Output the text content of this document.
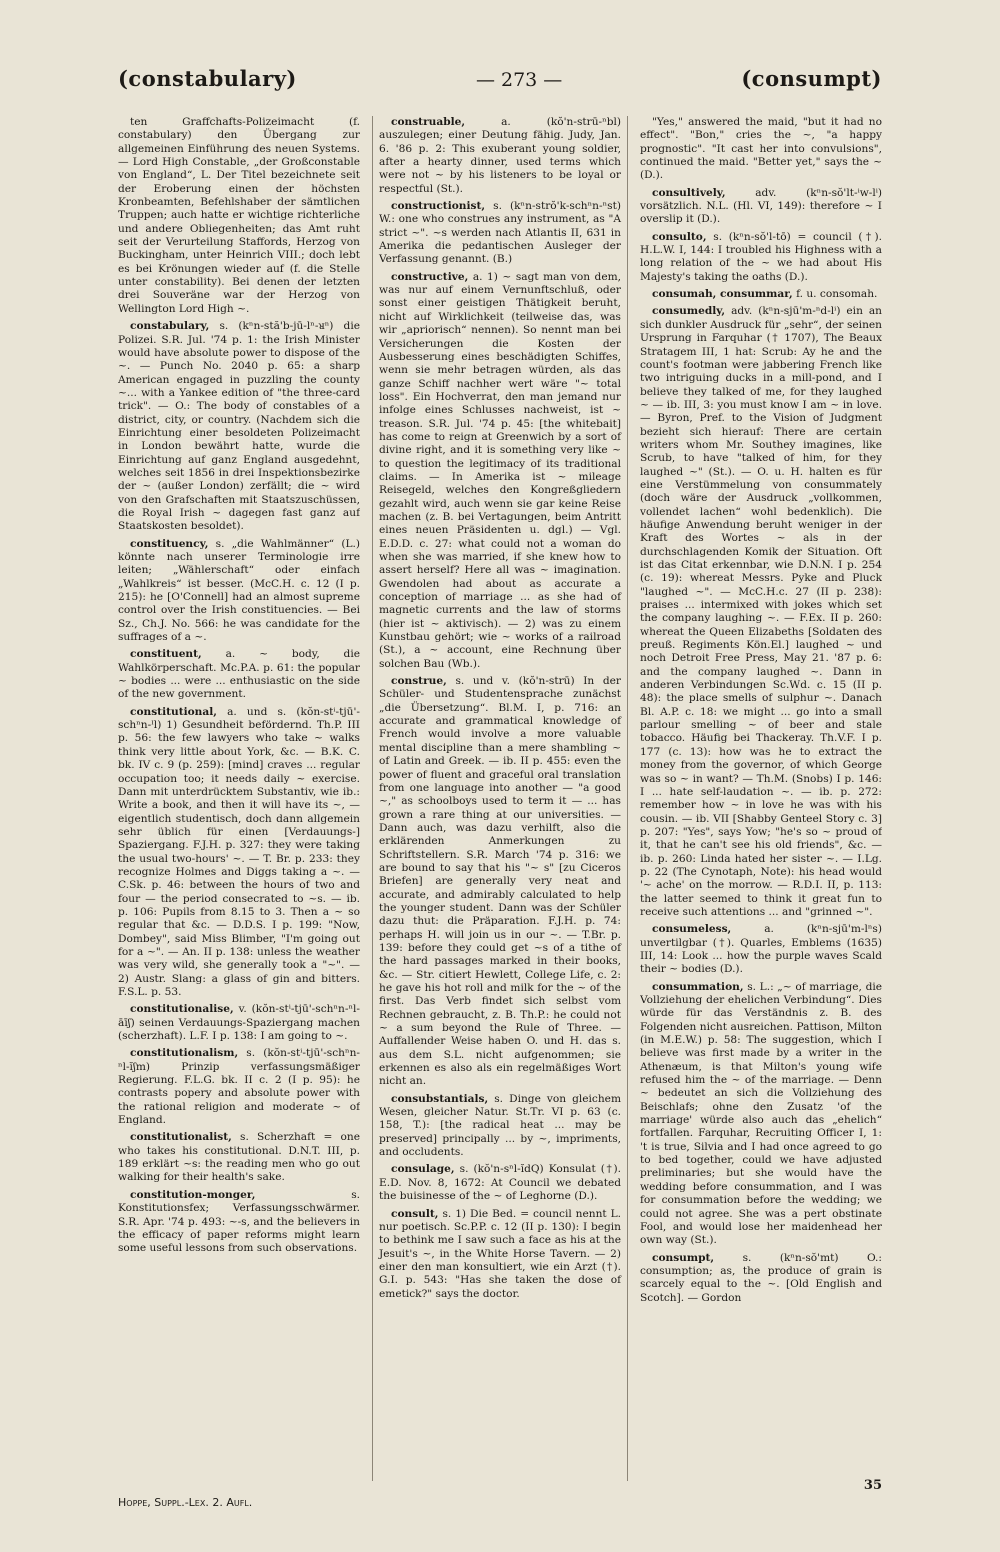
(constabulary)	— 273 —	(consumpt)

ten Graffchafts-Polizeimacht (f. constabulary) den Übergang zur allgemeinen Einführung des neuen Systems. — Lord High Constable, „der Großconstable von England“, L. Der Titel bezeichnete seit der Eroberung einen der höchsten Kronbeamten, Befehlshaber der sämtlichen Truppen; auch hatte er wichtige richterliche und andere Obliegenheiten; das Amt ruht seit der Verurteilung Staffords, Herzog von Buckingham, unter Heinrich VIII.; doch lebt es bei Krönungen wieder auf (f. die Stelle unter constability). Bei denen der letzten drei Souveräne war der Herzog von Wellington Lord High ~.

constabulary, s. (kⁿn-stă'b-jū-lⁿ-ᴚⁿ) die Polizei. S.R. Jul. '74 p. 1: the Irish Minister would have absolute power to dispose of the ~. — Punch No. 2040 p. 65: a sharp American engaged in puzzling the county ~... with a Yankee edition of "the three-card trick". — O.: The body of constables of a district, city, or country. (Nachdem sich die Einrichtung einer besoldeten Polizeimacht in London bewährt hatte, wurde die Einrichtung auf ganz England ausgedehnt, welches seit 1856 in drei Inspektionsbezirke der ~ (außer London) zerfällt; die ~ wird von den Grafschaften mit Staatszuschüssen, die Royal Irish ~ dagegen fast ganz auf Staatskosten besoldet).

constituency, s. „die Wahlmänner“ (L.) könnte nach unserer Terminologie irre leiten; „Wählerschaft“ oder einfach „Wahlkreis“ ist besser. (McC.H. c. 12 (I p. 215): he [O'Connell] had an almost supreme control over the Irish constituencies. — Bei Sz., Ch.J. No. 566: he was candidate for the suffrages of a ~.

constituent, a. ~ body, die Wahlkörperschaft. Mc.P.A. p. 61: the popular ~ bodies ... were ... enthusiastic on the side of the new government.

constitutional, a. und s. (kŏn-stⁱ-tjū'-schⁿn-ᴵl) 1) Gesundheit befördernd. Th.P. III p. 56: the few lawyers who take ~ walks think very little about York, &c. — B.K. C. bk. IV c. 9 (p. 259): [mind] craves ... regular occupation too; it needs daily ~ exercise. Dann mit unterdrücktem Substantiv, wie ib.: Write a book, and then it will have its ~, — eigentlich studentisch, doch dann allgemein sehr üblich für einen [Verdauungs-] Spaziergang. F.J.H. p. 327: they were taking the usual two-hours' ~. — T. Br. p. 233: they recognize Holmes and Diggs taking a ~. — C.Sk. p. 46: between the hours of two and four — the period consecrated to ~s. — ib. p. 106: Pupils from 8.15 to 3. Then a ~ so regular that &c. — D.D.S. I p. 199: "Now, Dombey", said Miss Blimber, "I'm going out for a ~". — An. II p. 138: unless the weather was very wild, she generally took a "~". — 2) Austr. Slang: a glass of gin and bitters. F.S.L. p. 53.

constitutionalise, v. (kŏn-stⁱ-tjū'-schⁿn-ⁿl-āīʃ) seinen Verdauungs-Spaziergang machen (scherzhaft). L.F. I p. 138: I am going to ~.

constitutionalism, s. (kŏn-stⁱ-tjū'-schⁿn-ⁿl-ĭʃm) Prinzip verfassungsmäßiger Regierung. F.L.G. bk. II c. 2 (I p. 95): he contrasts popery and absolute power with the rational religion and moderate ~ of England.

constitutionalist, s. Scherzhaft = one who takes his constitutional. D.N.T. III, p. 189 erklärt ~s: the reading men who go out walking for their health's sake.

constitution-monger,	s. Konstitutionsfex; Verfassungsschwärmer. S.R. Apr. '74 p. 493: ~-s, and the believers in the efficacy of paper reforms might learn some useful lessons from such observations.

construable,	a. (kŏ'n-strū-ⁿbl) auszulegen; einer Deutung fähig. Judy, Jan. 6. '86 p. 2: This exuberant young soldier, after a hearty dinner, used terms which were not ~ by his listeners to be loyal or respectful (St.).

constructionist, s. (kⁿn-strŏ'k-schⁿn-ⁿst) W.: one who construes any instrument, as "A strict ~". ~s werden nach Atlantis II, 631 in Amerika die pedantischen Ausleger der Verfassung genannt. (B.)

constructive, a. 1) ~ sagt man von dem, was nur auf einem Vernunftschluß, oder sonst einer geistigen Thätigkeit beruht, nicht auf Wirklichkeit (teilweise das, was wir „apriorisch“ nennen). So nennt man bei Versicherungen die Kosten der Ausbesserung eines beschädigten Schiffes, wenn sie mehr betragen würden, als das ganze Schiff nachher wert wäre "~ total loss". Ein Hochverrat, den man jemand nur infolge eines Schlusses nachweist, ist ~ treason. S.R. Jul. '74 p. 45: [the whitebait] has come to reign at Greenwich by a sort of divine right, and it is something very like ~ to question the legitimacy of its traditional claims. — In Amerika ist ~ mileage Reisegeld, welches den Kongreßgliedern gezahlt wird, auch wenn sie gar keine Reise machen (z. B. bei Vertagungen, beim Antritt eines neuen Präsidenten u. dgl.) — Vgl. E.D.D. c. 27: what could not a woman do when she was married, if she knew how to assert herself? Here all was ~ imagination. Gwendolen had about as accurate a conception of marriage ... as she had of magnetic currents and the law of storms (hier ist ~ aktivisch). — 2) was zu einem Kunstbau gehört; wie ~ works of a railroad (St.), a ~ account, eine Rechnung über solchen Bau (Wb.).

construe, s. und v. (kŏ'n-strū) In der Schüler- und Studentensprache zunächst „die Übersetzung“. Bl.M. I, p. 716: an accurate and grammatical knowledge of French would involve a more valuable mental discipline than a mere shambling ~ of Latin and Greek. — ib. II p. 455: even the power of fluent and graceful oral translation from one language into another — "a good ~," as schoolboys used to term it — ... has grown a rare thing at our universities. — Dann auch, was dazu verhilft, also die erklärenden Anmerkungen zu Schriftstellern. S.R. March '74 p. 316: we are bound to say that his "~ s" [zu Ciceros Briefen] are generally very neat and accurate, and admirably calculated to help the younger student. Dann was der Schüler dazu thut: die Präparation. F.J.H. p. 74: perhaps H. will join us in our ~. — T.Br. p. 139: before they could get ~s of a tithe of the hard passages marked in their books, &c. — Str. citiert Hewlett, College Life, c. 2: he gave his hot roll and milk for the ~ of the first. Das Verb findet sich selbst vom Rechnen gebraucht, z. B. Th.P.: he could not ~ a sum beyond the Rule of Three. — Auffallender Weise haben O. und H. das s. aus dem S.L. nicht aufgenommen; sie erkennen es also als ein regelmäßiges Wort nicht an.

consubstantials, s. Dinge von gleichem Wesen, gleicher Natur. St.Tr. VI p. 63 (c. 158, T.): [the radical heat ... may be preserved] principally ... by ~, impriments, and occludents.

consulage, s. (kŏ'n-sⁿl-ĭdQ) Konsulat (†). E.D. Nov. 8, 1672: At Council we debated the buisinesse of the ~ of Leghorne (D.).

consult, s. 1) Die Bed. = council nennt L. nur poetisch. Sc.P.P. c. 12 (II p. 130): I begin to bethink me I saw such a face as his at the Jesuit's ~, in the White Horse Tavern. — 2) einer den man konsultiert, wie ein Arzt (†). G.I. p. 543: "Has she taken the dose of emetick?" says the doctor.

"Yes," answered the maid, "but it had no effect". "Bon," cries the ~, "a happy prognostic". "It cast her into convulsions", continued the maid. "Better yet," says the ~ (D.).

consultively,	adv. (kⁿn-sŏ'lt-ⁱw-lⁱ) vorsätzlich. N.L. (Hl. VI, 149): therefore ~ I overslip it (D.).

consulto, s. (kⁿn-sŏ'l-tō) = council (†). H.L.W. I, 144: I troubled his Highness with a long relation of the ~ we had about His Majesty's taking the oaths (D.).

consumah, consummar, f. u. consomah.

consumedly, adv. (kⁿn-sjū'm-ⁿd-lⁱ) ein an sich dunkler Ausdruck für „sehr“, der seinen Ursprung in Farquhar († 1707), The Beaux Stratagem III, 1 hat: Scrub: Ay he and the count's footman were jabbering French like two intriguing ducks in a mill-pond, and I believe they talked of me, for they laughed ~ — ib. III, 3: you must know I am ~ in love. — Byron, Pref. to the Vision of Judgment bezieht sich hierauf: There are certain writers whom Mr. Southey imagines, like Scrub, to have "talked of him, for they laughed ~" (St.). — O. u. H. halten es für eine Verstümmelung von consummately (doch wäre der Ausdruck „vollkommen, vollendet lachen“ wohl bedenklich). Die häufige Anwendung beruht weniger in der Kraft des Wortes ~ als in der durchschlagenden Komik der Situation. Oft ist das Citat erkennbar, wie D.N.N. I p. 254 (c. 19): whereat Messrs. Pyke and Pluck "laughed ~". — McC.H.c. 27 (II p. 238): praises ... intermixed with jokes which set the company laughing ~. — F.Ex. II p. 260: whereat the Queen Elizabeths [Soldaten des preuß. Regiments Kön.El.] laughed ~ und noch Detroit Free Press, May 21. '87 p. 6: and the company laughed ~. Dann in anderen Verbindungen Sc.Wd. c. 15 (II p. 48): the place smells of sulphur ~. Danach Bl. A.P. c. 18: we might ... go into a small parlour smelling ~ of beer and stale tobacco. Häufig bei Thackeray. Th.V.F. I p. 177 (c. 13): how was he to extract the money from the governor, of which George was so ~ in want? — Th.M. (Snobs) I p. 146: I ... hate self-laudation ~. — ib. p. 272: remember how ~ in love he was with his cousin. — ib. VII [Shabby Genteel Story c. 3] p. 207: "Yes", says Yow; "he's so ~ proud of it, that he can't see his old friends", &c. — ib. p. 260: Linda hated her sister ~. — I.Lg. p. 22 (The Cynotaph, Note): his head would '~ ache' on the morrow. — R.D.I. II, p. 113: the latter seemed to think it great fun to receive such attentions ... and "grinned ~".

consumeless,	a. (kⁿn-sjū'm-lⁿs) unvertilgbar (†). Quarles, Emblems (1635) III, 14: Look ... how the purple waves Scald their ~ bodies (D.).

consummation, s. L.: „~ of marriage, die Vollziehung der ehelichen Verbindung“. Dies würde für das Verständnis z. B. des Folgenden nicht ausreichen. Pattison, Milton (in M.E.W.) p. 58: The suggestion, which I believe was first made by a writer in the Athenæum, is that Milton's young wife refused him the ~ of the marriage. — Denn ~ bedeutet an sich die Vollziehung des Beischlafs; ohne den Zusatz 'of the marriage' würde also auch das „ehelich“ fortfallen. Farquhar, Recruiting Officer I, 1: 't is true, Silvia and I had once agreed to go to bed together, could we have adjusted preliminaries; but she would have the wedding before consummation, and I was for consummation before the wedding; we could not agree. She was a pert obstinate Fool, and would lose her maidenhead her own way (St.).

consumpt,	s. (kⁿn-sŏ'mt) O.: consumption; as, the produce of grain is scarcely equal to the ~. [Old English and Scotch]. — Gordon

Hoppe, Suppl.-Lex. 2. Aufl.
35
